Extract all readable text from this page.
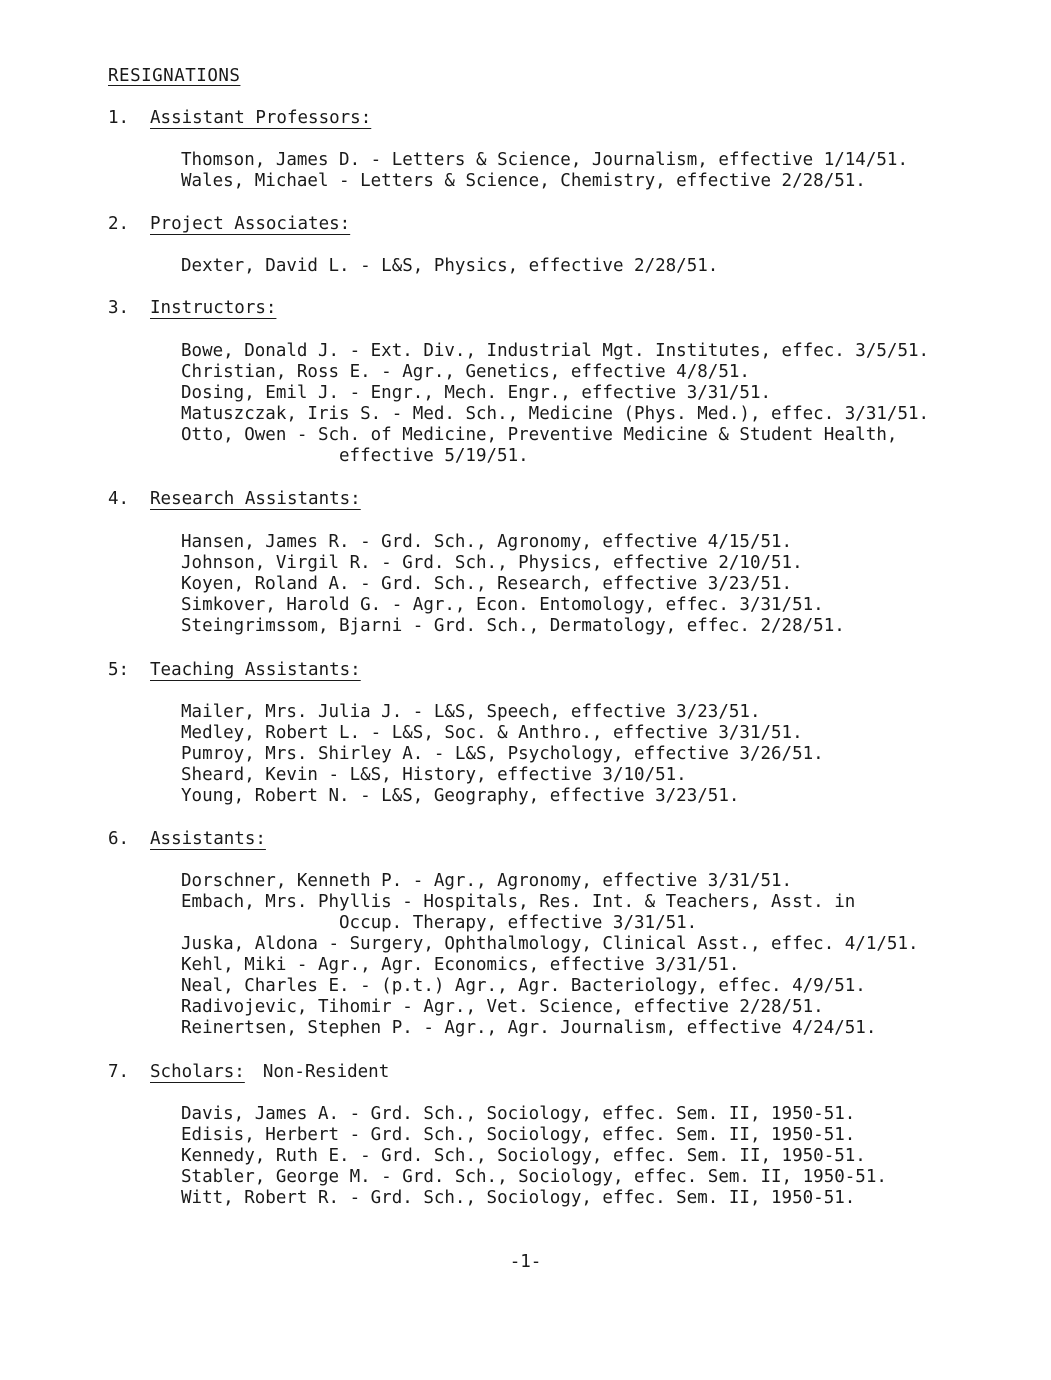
RESIGNATIONS
1. Assistant Professors:
Thomson, James D. - Letters & Science, Journalism, effective 1/14/51.
Wales, Michael - Letters & Science, Chemistry, effective 2/28/51.
2. Project Associates:
Dexter, David L. - L&S, Physics, effective 2/28/51.
3. Instructors:
Bowe, Donald J. - Ext. Div., Industrial Mgt. Institutes, effec. 3/5/51.
Christian, Ross E. - Agr., Genetics, effective 4/8/51.
Dosing, Emil J. - Engr., Mech. Engr., effective 3/31/51.
Matuszczak, Iris S. - Med. Sch., Medicine (Phys. Med.), effec. 3/31/51.
Otto, Owen - Sch. of Medicine, Preventive Medicine & Student Health,
effective 5/19/51.
4. Research Assistants:
Hansen, James R. - Grd. Sch., Agronomy, effective 4/15/51.
Johnson, Virgil R. - Grd. Sch., Physics, effective 2/10/51.
Koyen, Roland A. - Grd. Sch., Research, effective 3/23/51.
Simkover, Harold G. - Agr., Econ. Entomology, effec. 3/31/51.
Steingrimssom, Bjarni - Grd. Sch., Dermatology, effec. 2/28/51.
5: Teaching Assistants:
Mailer, Mrs. Julia J. - L&S, Speech, effective 3/23/51.
Medley, Robert L. - L&S, Soc. & Anthro., effective 3/31/51.
Pumroy, Mrs. Shirley A. - L&S, Psychology, effective 3/26/51.
Sheard, Kevin - L&S, History, effective 3/10/51.
Young, Robert N. - L&S, Geography, effective 3/23/51.
6. Assistants:
Dorschner, Kenneth P. - Agr., Agronomy, effective 3/31/51.
Embach, Mrs. Phyllis - Hospitals, Res. Int. & Teachers, Asst. in
Occup. Therapy, effective 3/31/51.
Juska, Aldona - Surgery, Ophthalmology, Clinical Asst., effec. 4/1/51.
Kehl, Miki - Agr., Agr. Economics, effective 3/31/51.
Neal, Charles E. - (p.t.) Agr., Agr. Bacteriology, effec. 4/9/51.
Radivojevic, Tihomir - Agr., Vet. Science, effective 2/28/51.
Reinertsen, Stephen P. - Agr., Agr. Journalism, effective 4/24/51.
7. Scholars: Non-Resident
Davis, James A. - Grd. Sch., Sociology, effec. Sem. II, 1950-51.
Edisis, Herbert - Grd. Sch., Sociology, effec. Sem. II, 1950-51.
Kennedy, Ruth E. - Grd. Sch., Sociology, effec. Sem. II, 1950-51.
Stabler, George M. - Grd. Sch., Sociology, effec. Sem. II, 1950-51.
Witt, Robert R. - Grd. Sch., Sociology, effec. Sem. II, 1950-51.
-1-
